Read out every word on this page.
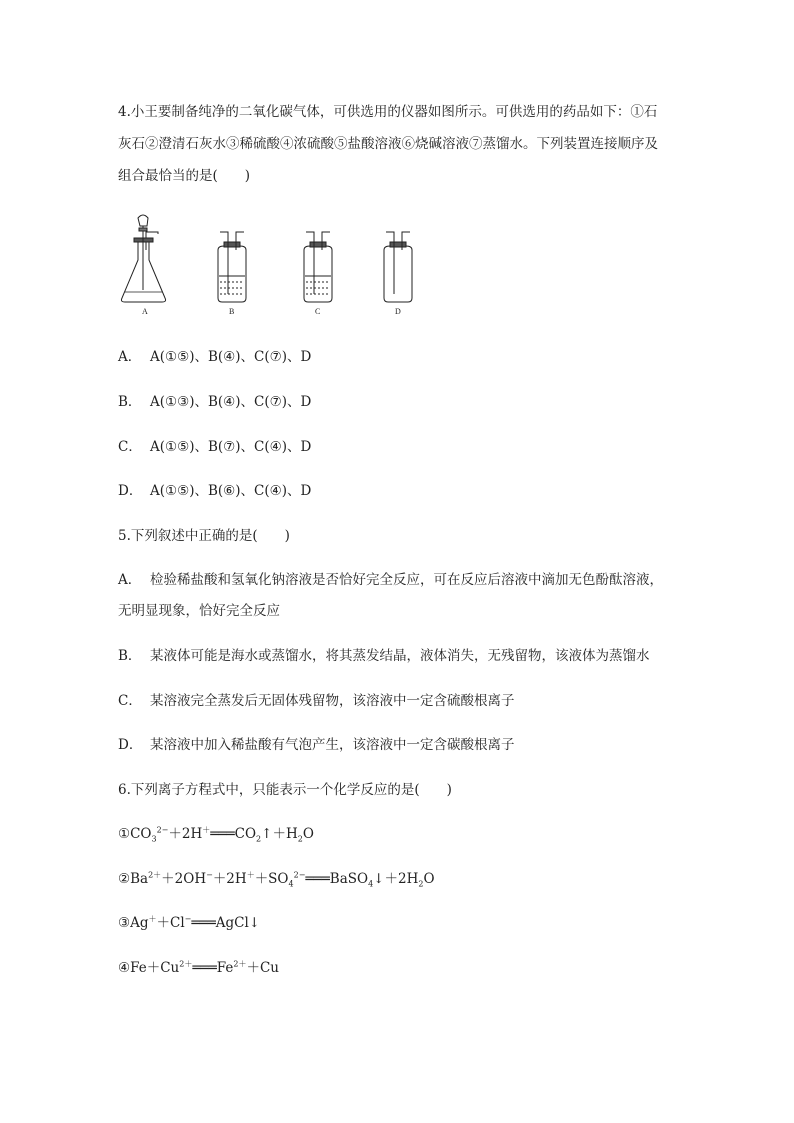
4.小王要制备纯净的二氧化碳气体，可供选用的仪器如图所示。可供选用的药品如下：①石
灰石②澄清石灰水③稀硫酸④浓硫酸⑤盐酸溶液⑥烧碱溶液⑦蒸馏水。下列装置连接顺序及
组合最恰当的是(　　)
A	B	C	D
A． A(①⑤)、B(④)、C(⑦)、D
B． A(①③)、B(④)、C(⑦)、D
C． A(①⑤)、B(⑦)、C(④)、D
D． A(①⑤)、B(⑥)、C(④)、D
5.下列叙述中正确的是(　　)
A． 检验稀盐酸和氢氧化钠溶液是否恰好完全反应，可在反应后溶液中滴加无色酚酞溶液，
无明显现象，恰好完全反应
B． 某液体可能是海水或蒸馏水，将其蒸发结晶，液体消失，无残留物，该液体为蒸馏水
C． 某溶液完全蒸发后无固体残留物，该溶液中一定含硫酸根离子
D． 某溶液中加入稀盐酸有气泡产生，该溶液中一定含碳酸根离子
6.下列离子方程式中，只能表示一个化学反应的是(　　)
$①CO_3^{2-}+2H^+═══CO_2↑+H_2O$
$②Ba^{2+}+2OH^-+2H^++SO_4^{2-}═══BaSO_4↓+2H_2O$
③Ag＋＋Cl−═══AgCl↓
$④Fe+Cu^{2+}═══Fe^{2+}+Cu$
